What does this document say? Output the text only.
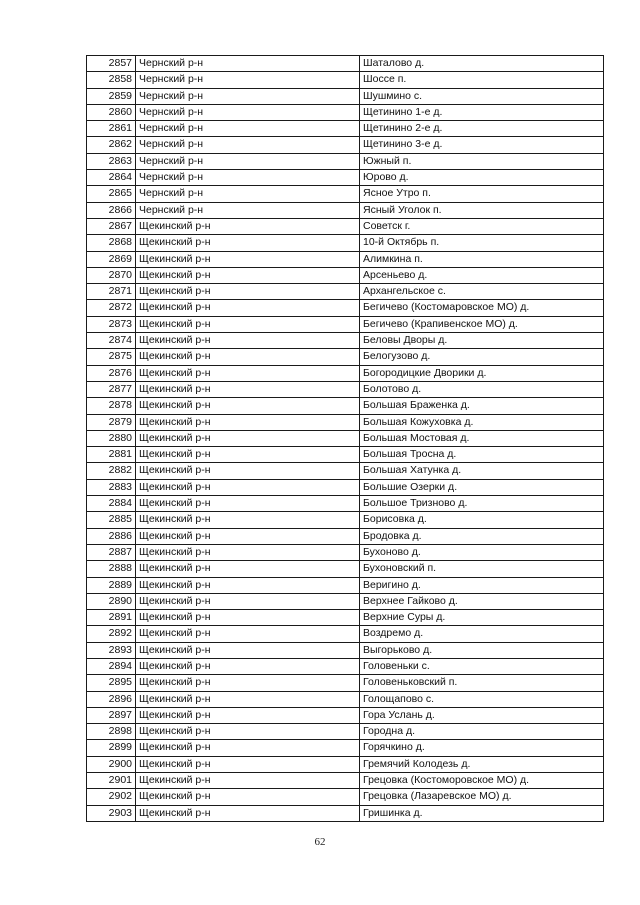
2857	Чернский р-н	Шаталово д.
2858	Чернский р-н	Шоссе п.
2859	Чернский р-н	Шушмино с.
2860	Чернский р-н	Щетинино 1-е д.
2861	Чернский р-н	Щетинино 2-е д.
2862	Чернский р-н	Щетинино 3-е д.
2863	Чернский р-н	Южный п.
2864	Чернский р-н	Юрово д.
2865	Чернский р-н	Ясное Утро п.
2866	Чернский р-н	Ясный Уголок п.
2867	Щекинский р-н	Советск г.
2868	Щекинский р-н	10-й Октябрь п.
2869	Щекинский р-н	Алимкина п.
2870	Щекинский р-н	Арсеньево д.
2871	Щекинский р-н	Архангельское с.
2872	Щекинский р-н	Бегичево (Костомаровское МО) д.
2873	Щекинский р-н	Бегичево (Крапивенское МО) д.
2874	Щекинский р-н	Беловы Дворы д.
2875	Щекинский р-н	Белогузово д.
2876	Щекинский р-н	Богородицкие Дворики д.
2877	Щекинский р-н	Болотово д.
2878	Щекинский р-н	Большая Браженка д.
2879	Щекинский р-н	Большая Кожуховка д.
2880	Щекинский р-н	Большая Мостовая д.
2881	Щекинский р-н	Большая Тросна д.
2882	Щекинский р-н	Большая Хатунка д.
2883	Щекинский р-н	Большие Озерки д.
2884	Щекинский р-н	Большое Тризново д.
2885	Щекинский р-н	Борисовка д.
2886	Щекинский р-н	Бродовка д.
2887	Щекинский р-н	Бухоново д.
2888	Щекинский р-н	Бухоновский п.
2889	Щекинский р-н	Веригино д.
2890	Щекинский р-н	Верхнее Гайково д.
2891	Щекинский р-н	Верхние Суры д.
2892	Щекинский р-н	Воздремо д.
2893	Щекинский р-н	Выгорьково д.
2894	Щекинский р-н	Головеньки с.
2895	Щекинский р-н	Головеньковский п.
2896	Щекинский р-н	Голощапово с.
2897	Щекинский р-н	Гора Услань д.
2898	Щекинский р-н	Городна д.
2899	Щекинский р-н	Горячкино д.
2900	Щекинский р-н	Гремячий Колодезь д.
2901	Щекинский р-н	Грецовка (Костоморовское МО) д.
2902	Щекинский р-н	Грецовка (Лазаревское МО) д.
2903	Щекинский р-н	Гришинка д.
62
